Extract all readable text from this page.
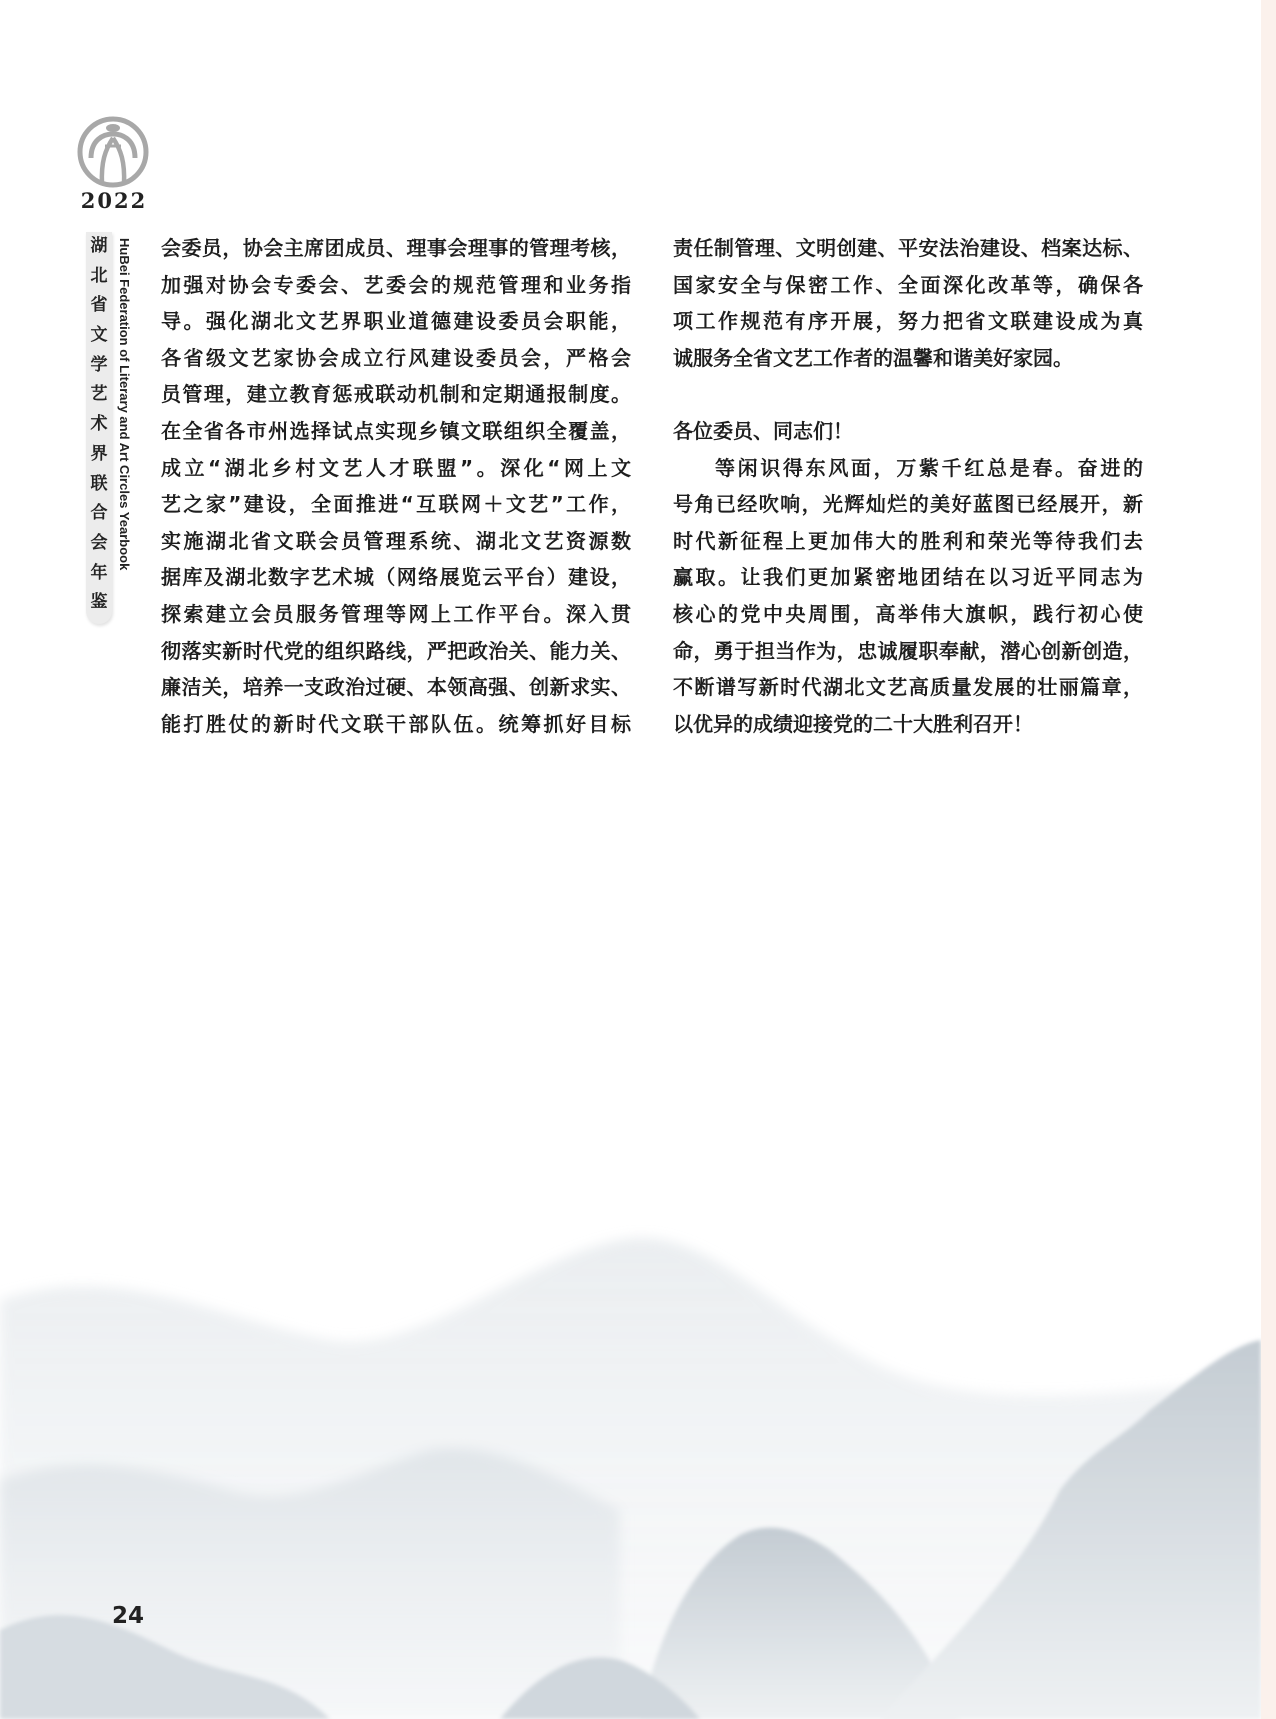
2022
湖
北
省
文
学
艺
术
界
联
合
会
年
鉴
HuBei Federation of Literary and Art Circles Yearbook 会委员，协会主席团成员、理事会理事的管理考核，
加强对协会专委会、艺委会的规范管理和业务指
导。强化湖北文艺界职业道德建设委员会职能，
各省级文艺家协会成立行风建设委员会，严格会
员管理，建立教育惩戒联动机制和定期通报制度。
在全省各市州选择试点实现乡镇文联组织全覆盖，
成立“湖北乡村文艺人才联盟”。深化“网上文
艺之家”建设，全面推进“互联网＋文艺”工作，
实施湖北省文联会员管理系统、湖北文艺资源数
据库及湖北数字艺术城（网络展览云平台）建设，
探索建立会员服务管理等网上工作平台。深入贯
彻落实新时代党的组织路线，严把政治关、能力关、
廉洁关，培养一支政治过硬、本领高强、创新求实、
能打胜仗的新时代文联干部队伍。统筹抓好目标
责任制管理、文明创建、平安法治建设、档案达标、
国家安全与保密工作、全面深化改革等，确保各
项工作规范有序开展，努力把省文联建设成为真
诚服务全省文艺工作者的温馨和谐美好家园。
各位委员、同志们！
等闲识得东风面，万紫千红总是春。奋进的
号角已经吹响，光辉灿烂的美好蓝图已经展开，新
时代新征程上更加伟大的胜利和荣光等待我们去
赢取。让我们更加紧密地团结在以习近平同志为
核心的党中央周围，高举伟大旗帜，践行初心使
命，勇于担当作为，忠诚履职奉献，潜心创新创造，
不断谱写新时代湖北文艺高质量发展的壮丽篇章，
以优异的成绩迎接党的二十大胜利召开！
24
